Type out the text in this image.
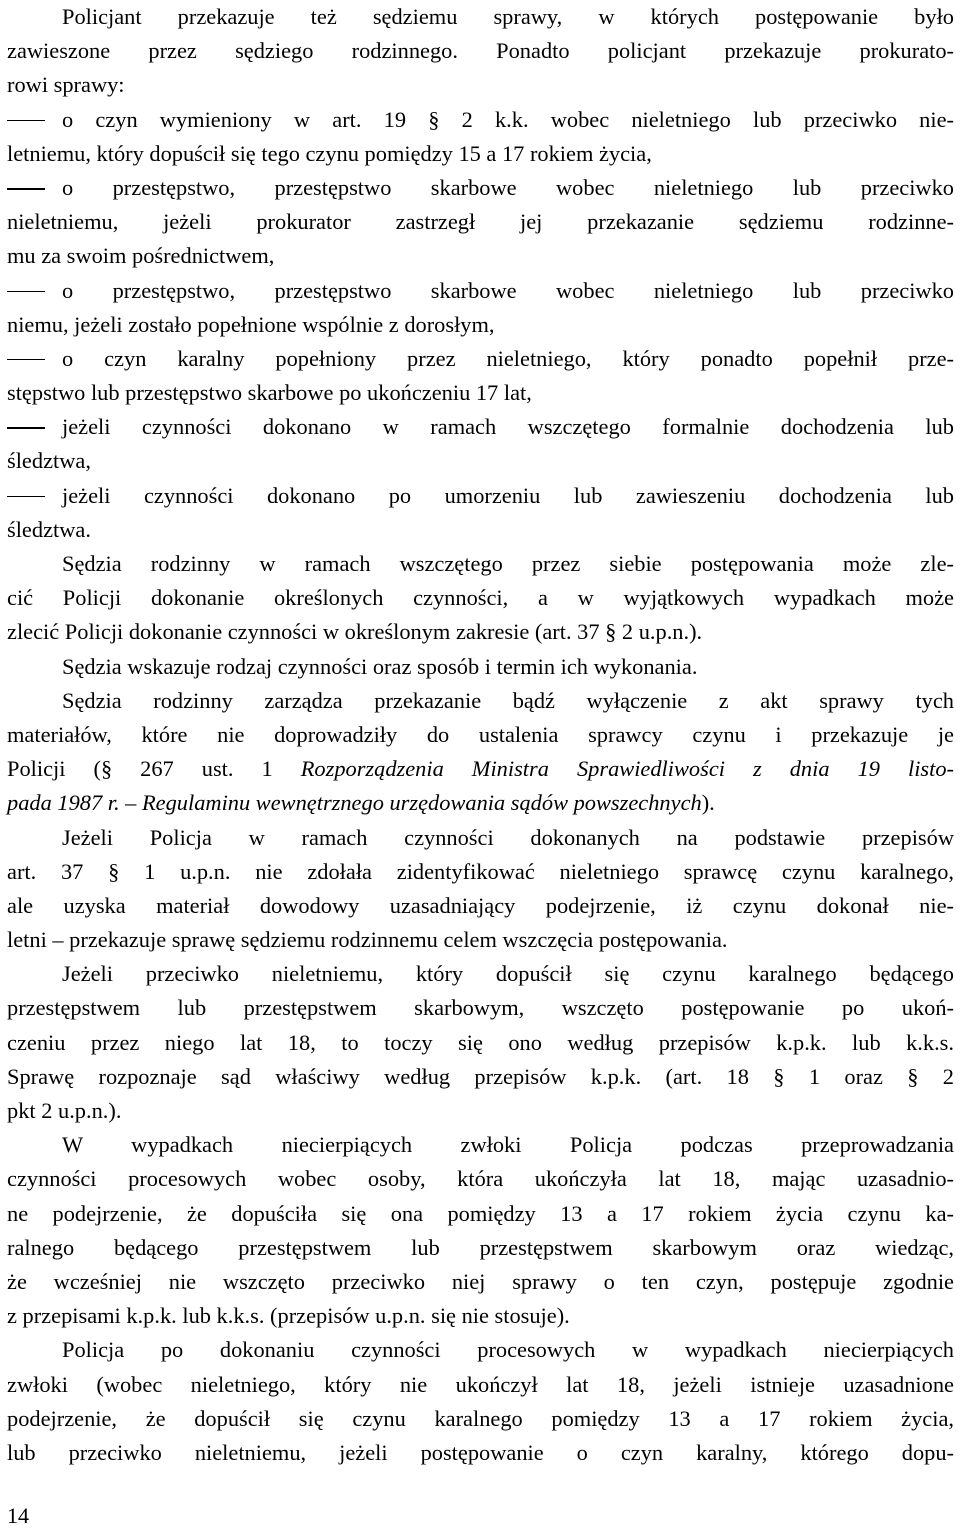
Policjant przekazuje też sędziemu sprawy, w których postępowanie było
zawieszone przez sędziego rodzinnego. Ponadto policjant przekazuje prokurato-
rowi sprawy:
o czyn wymieniony w art. 19 § 2 k.k. wobec nieletniego lub przeciwko nie-
letniemu, który dopuścił się tego czynu pomiędzy 15 a 17 rokiem życia,
o przestępstwo, przestępstwo skarbowe wobec nieletniego lub przeciwko
nieletniemu, jeżeli prokurator zastrzegł jej przekazanie sędziemu rodzinne-
mu za swoim pośrednictwem,
o przestępstwo, przestępstwo skarbowe wobec nieletniego lub przeciwko
niemu, jeżeli zostało popełnione wspólnie z dorosłym,
o czyn karalny popełniony przez nieletniego, który ponadto popełnił prze-
stępstwo lub przestępstwo skarbowe po ukończeniu 17 lat,
jeżeli czynności dokonano w ramach wszczętego formalnie dochodzenia lub
śledztwa,
jeżeli czynności dokonano po umorzeniu lub zawieszeniu dochodzenia lub
śledztwa.
Sędzia rodzinny w ramach wszczętego przez siebie postępowania może zle-
cić Policji dokonanie określonych czynności, a w wyjątkowych wypadkach może
zlecić Policji dokonanie czynności w określonym zakresie (art. 37 § 2 u.p.n.).
Sędzia wskazuje rodzaj czynności oraz sposób i termin ich wykonania.
Sędzia rodzinny zarządza przekazanie bądź wyłączenie z akt sprawy tych
materiałów, które nie doprowadziły do ustalenia sprawcy czynu i przekazuje je
Policji (§ 267 ust. 1 Rozporządzenia Ministra Sprawiedliwości z dnia 19 listo-
pada 1987 r. – Regulaminu wewnętrznego urzędowania sądów powszechnych).
Jeżeli Policja w ramach czynności dokonanych na podstawie przepisów
art. 37 § 1 u.p.n. nie zdołała zidentyfikować nieletniego sprawcę czynu karalnego,
ale uzyska materiał dowodowy uzasadniający podejrzenie, iż czynu dokonał nie-
letni – przekazuje sprawę sędziemu rodzinnemu celem wszczęcia postępowania.
Jeżeli przeciwko nieletniemu, który dopuścił się czynu karalnego będącego
przestępstwem lub przestępstwem skarbowym, wszczęto postępowanie po ukoń-
czeniu przez niego lat 18, to toczy się ono według przepisów k.p.k. lub k.k.s.
Sprawę rozpoznaje sąd właściwy według przepisów k.p.k. (art. 18 § 1 oraz § 2
pkt 2 u.p.n.).
W wypadkach niecierpiących zwłoki Policja podczas przeprowadzania
czynności procesowych wobec osoby, która ukończyła lat 18, mając uzasadnio-
ne podejrzenie, że dopuściła się ona pomiędzy 13 a 17 rokiem życia czynu ka-
ralnego będącego przestępstwem lub przestępstwem skarbowym oraz wiedząc,
że wcześniej nie wszczęto przeciwko niej sprawy o ten czyn, postępuje zgodnie
z przepisami k.p.k. lub k.k.s. (przepisów u.p.n. się nie stosuje).
Policja po dokonaniu czynności procesowych w wypadkach niecierpiących
zwłoki (wobec nieletniego, który nie ukończył lat 18, jeżeli istnieje uzasadnione
podejrzenie, że dopuścił się czynu karalnego pomiędzy 13 a 17 rokiem życia,
lub przeciwko nieletniemu, jeżeli postępowanie o czyn karalny, którego dopu-
14
